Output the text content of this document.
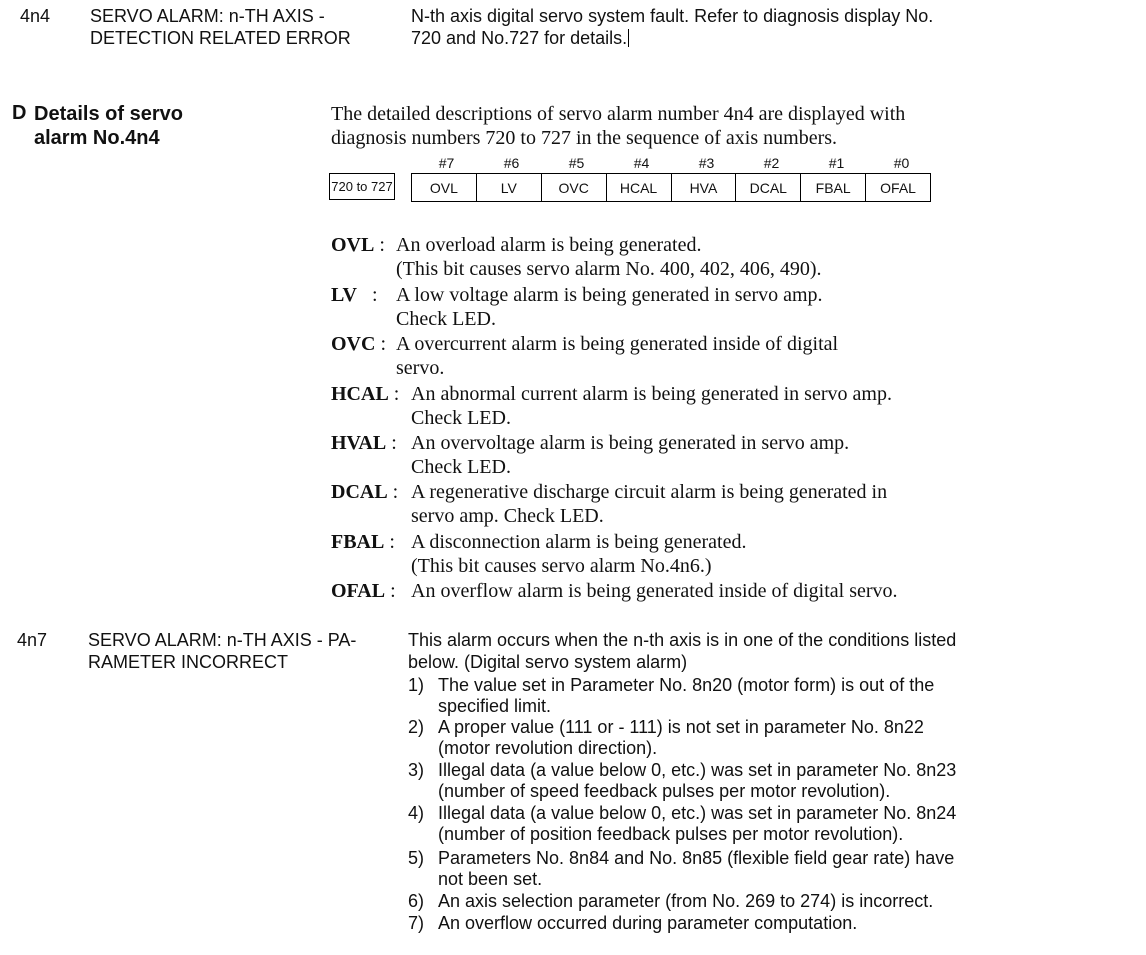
4n4 SERVO ALARM: n-TH AXIS -
DETECTION RELATED ERROR
N-th axis digital servo system fault. Refer to diagnosis display No.
720 and No.727 for details.
D Details of servo
alarm No.4n4
The detailed descriptions of servo alarm number 4n4 are displayed with
diagnosis numbers 720 to 727 in the sequence of axis numbers.
#7	#6	#5	#4	#3	#2	#1	#0
720 to 727	OVL	LV	OVC	HCAL	HVA	DCAL	FBAL	OFAL
OVL : An overload alarm is being generated.
(This bit causes servo alarm No. 400, 402, 406, 490).
LV   : A low voltage alarm is being generated in servo amp.
Check LED.
OVC : A overcurrent alarm is being generated inside of digital
servo.
HCAL : An abnormal current alarm is being generated in servo amp.
Check LED.
HVAL : An overvoltage alarm is being generated in servo amp.
Check LED.
DCAL : A regenerative discharge circuit alarm is being generated in
servo amp. Check LED.
FBAL : A disconnection alarm is being generated.
(This bit causes servo alarm No.4n6.)
OFAL : An overflow alarm is being generated inside of digital servo.
4n7 SERVO ALARM: n-TH AXIS - PA-
RAMETER INCORRECT
This alarm occurs when the n-th axis is in one of the conditions listed
below. (Digital servo system alarm)
1) The value set in Parameter No. 8n20 (motor form) is out of the
specified limit.
2) A proper value (111 or - 111) is not set in parameter No. 8n22
(motor revolution direction).
3) Illegal data (a value below 0, etc.) was set in parameter No. 8n23
(number of speed feedback pulses per motor revolution).
4) Illegal data (a value below 0, etc.) was set in parameter No. 8n24
(number of position feedback pulses per motor revolution).
5) Parameters No. 8n84 and No. 8n85 (flexible field gear rate) have
not been set.
6) An axis selection parameter (from No. 269 to 274) is incorrect.
7) An overflow occurred during parameter computation.
